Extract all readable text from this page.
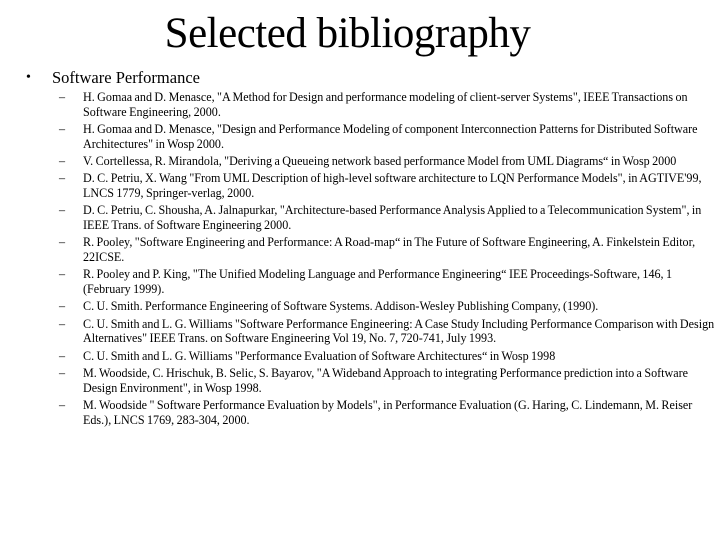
Selected bibliography
• Software Performance
– H. Gomaa and D. Menasce, "A Method for Design and performance modeling of client-server Systems", IEEE Transactions on Software Engineering, 2000.
– H. Gomaa and D. Menasce, "Design and Performance Modeling of component Interconnection Patterns for Distributed Software Architectures" in Wosp 2000.
– V. Cortellessa, R. Mirandola, "Deriving a Queueing network based performance Model from UML Diagrams“ in Wosp 2000
– D. C. Petriu, X. Wang "From UML Description of high-level software architecture to LQN Performance Models", in AGTIVE'99, LNCS 1779, Springer-verlag, 2000.
– D. C. Petriu, C. Shousha, A. Jalnapurkar, "Architecture-based Performance Analysis Applied to a Telecommunication System", in IEEE Trans. of Software Engineering 2000.
– R. Pooley, "Software Engineering and Performance: A Road-map“ in The Future of Software Engineering, A. Finkelstein Editor, 22ICSE.
– R. Pooley and P. King, "The Unified Modeling Language and Performance Engineering“ IEE Proceedings-Software, 146, 1 (February 1999).
– C. U. Smith. Performance Engineering of Software Systems. Addison-Wesley Publishing Company, (1990).
– C. U. Smith and L. G. Williams "Software Performance Engineering: A Case Study Including Performance Comparison with Design Alternatives" IEEE Trans. on Software Engineering Vol 19, No. 7, 720-741, July 1993.
– C. U. Smith and L. G. Williams "Performance Evaluation of Software Architectures“ in Wosp 1998
– M. Woodside, C. Hrischuk, B. Selic, S. Bayarov, "A Wideband Approach to integrating Performance prediction into a Software Design Environment", in Wosp 1998.
– M. Woodside " Software Performance Evaluation by Models", in Performance Evaluation (G. Haring, C. Lindemann, M. Reiser Eds.), LNCS 1769, 283-304, 2000.
